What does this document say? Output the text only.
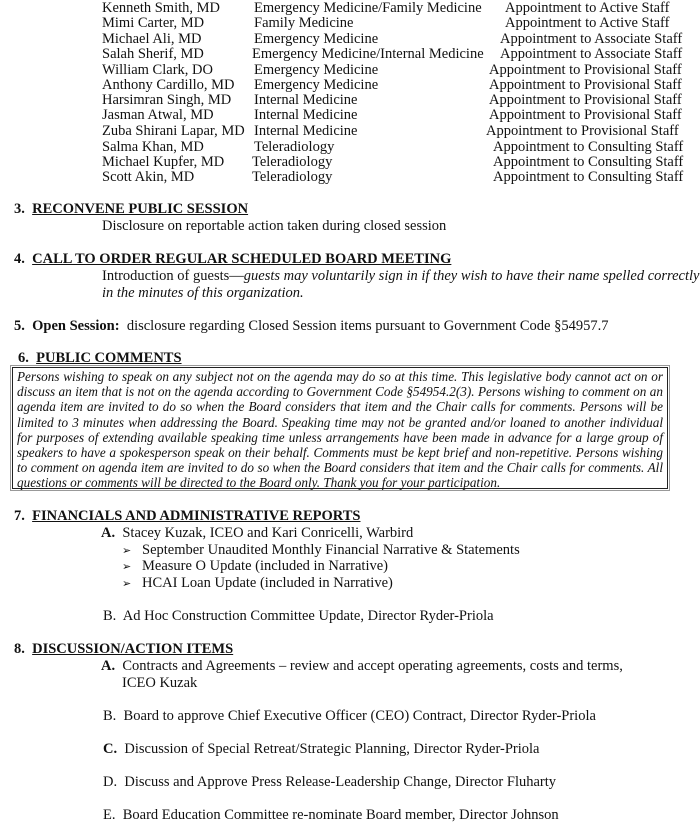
Kenneth Smith, MD Emergency Medicine/Family Medicine Appointment to Active Staff
Mimi Carter, MD	Family Medicine	Appointment to Active Staff
Michael Ali, MD	Emergency Medicine	Appointment to Associate Staff
Salah Sherif, MD	Emergency Medicine/Internal Medicine Appointment to Associate Staff
William Clark, DO	Emergency Medicine	Appointment to Provisional Staff
Anthony Cardillo, MD Emergency Medicine	Appointment to Provisional Staff
Harsimran Singh, MD Internal Medicine	Appointment to Provisional Staff
Jasman Atwal, MD	Internal Medicine	Appointment to Provisional Staff
Zuba Shirani Lapar, MD Internal Medicine	Appointment to Provisional Staff
Salma Khan, MD	Teleradiology	Appointment to Consulting Staff
Michael Kupfer, MD Teleradiology	Appointment to Consulting Staff
Scott Akin, MD	Teleradiology	Appointment to Consulting Staff
3. RECONVENE PUBLIC SESSION
Disclosure on reportable action taken during closed session
4. CALL TO ORDER REGULAR SCHEDULED BOARD MEETING
Introduction of guests—guests may voluntarily sign in if they wish to have their name spelled correctly
in the minutes of this organization.
5. Open Session: disclosure regarding Closed Session items pursuant to Government Code §54957.7
6. PUBLIC COMMENTS
Persons wishing to speak on any subject not on the agenda may do so at this time. This legislative body cannot act on or discuss an item that is not on the agenda according to Government Code §54954.2(3). Persons wishing to comment on an agenda item are invited to do so when the Board considers that item and the Chair calls for comments. Persons will be limited to 3 minutes when addressing the Board. Speaking time may not be granted and/or loaned to another individual for purposes of extending available speaking time unless arrangements have been made in advance for a large group of speakers to have a spokesperson speak on their behalf. Comments must be kept brief and non-repetitive. Persons wishing to comment on agenda item are invited to do so when the Board considers that item and the Chair calls for comments. All questions or comments will be directed to the Board only. Thank you for your participation.
7. FINANCIALS AND ADMINISTRATIVE REPORTS
A. Stacey Kuzak, ICEO and Kari Conricelli, Warbird
➢ September Unaudited Monthly Financial Narrative & Statements
➢ Measure O Update (included in Narrative)
➢ HCAI Loan Update (included in Narrative)
B. Ad Hoc Construction Committee Update, Director Ryder-Priola
8. DISCUSSION/ACTION ITEMS
A. Contracts and Agreements – review and accept operating agreements, costs and terms,
ICEO Kuzak
B. Board to approve Chief Executive Officer (CEO) Contract, Director Ryder-Priola
C. Discussion of Special Retreat/Strategic Planning, Director Ryder-Priola
D. Discuss and Approve Press Release-Leadership Change, Director Fluharty
E. Board Education Committee re-nominate Board member, Director Johnson
